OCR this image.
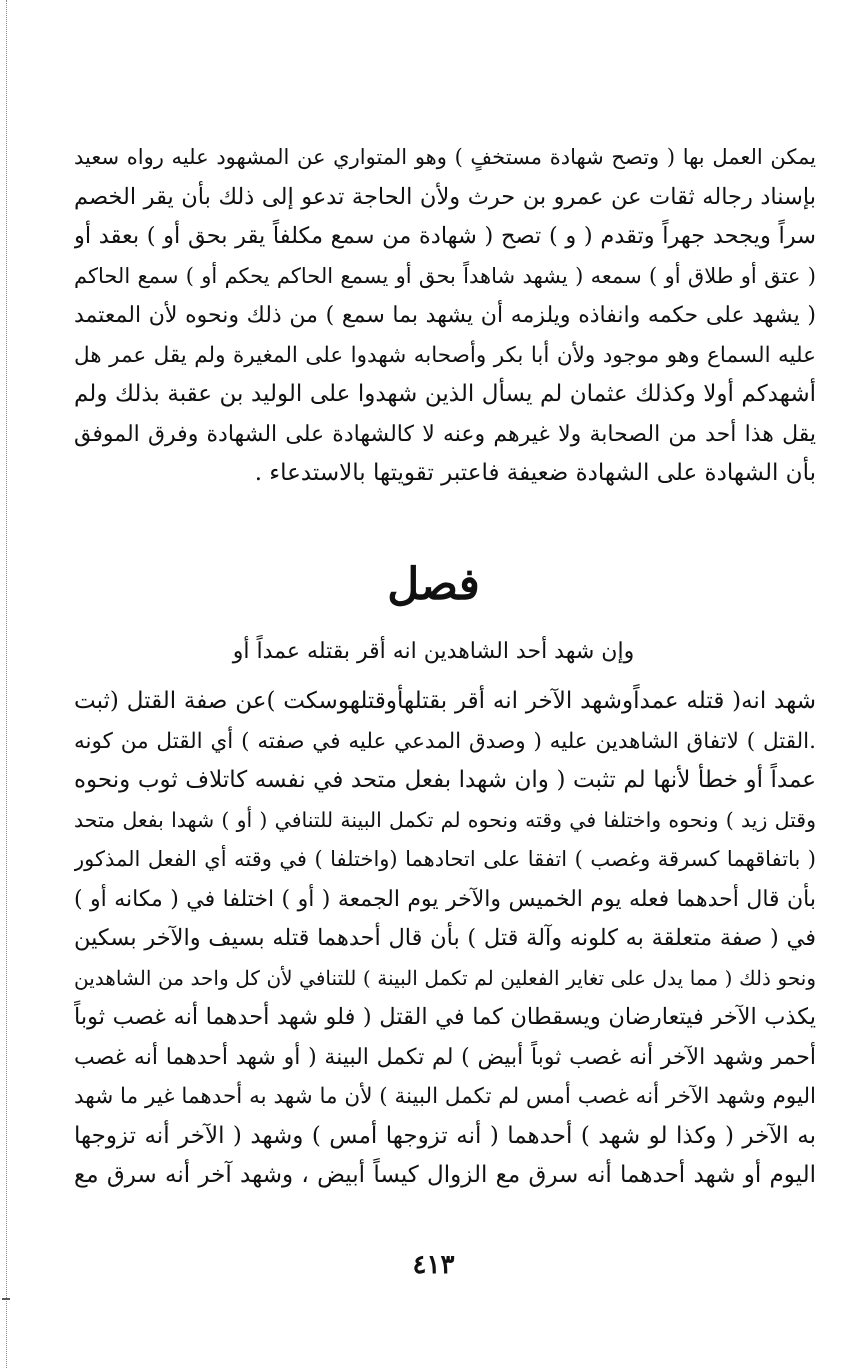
يمكن العمل بها ( وتصح شهادة مستخفٍ ) وهو المتواري عن المشهود عليه رواه سعيد
بإسناد رجاله ثقات عن عمرو بن حرث ولأن الحاجة تدعو إلى ذلك بأن يقر الخصم
سراً ويجحد جهراً وتقدم ( و ) تصح ( شهادة من سمع مكلفاً يقر بحق أو ) بعقد أو
( عتق أو طلاق أو ) سمعه ( يشهد شاهداً بحق أو يسمع الحاكم يحكم أو ) سمع الحاكم
( يشهد على حكمه وانفاذه ويلزمه أن يشهد بما سمع ) من ذلك ونحوه لأن المعتمد
عليه السماع وهو موجود ولأن أبا بكر وأصحابه شهدوا على المغيرة ولم يقل عمر هل
أشهدكم أولا وكذلك عثمان لم يسأل الذين شهدوا على الوليد بن عقبة بذلك ولم
يقل هذا أحد من الصحابة ولا غيرهم وعنه لا كالشهادة على الشهادة وفرق الموفق
بأن الشهادة على الشهادة ضعيفة فاعتبر تقويتها بالاستدعاء .
فصل
وإن شهد أحد الشاهدين انه أقر بقتله عمداً أو
شهد انه( قتله عمداًوشهد الآخر انه أقر بقتلهأوقتلهوسكت )عن صفة القتل (ثبت
.القتل ) لاتفاق الشاهدين عليه ( وصدق المدعي عليه في صفته ) أي القتل من كونه
عمداً أو خطأ لأنها لم تثبت ( وان شهدا بفعل متحد في نفسه كاتلاف ثوب ونحوه
وقتل زيد ) ونحوه واختلفا في وقته ونحوه لم تكمل البينة للتنافي ( أو ) شهدا بفعل متحد
( باتفاقهما كسرقة وغصب ) اتفقا على اتحادهما (واختلفا ) في وقته أي الفعل المذكور
بأن قال أحدهما فعله يوم الخميس والآخر يوم الجمعة ( أو ) اختلفا في ( مكانه أو )
في ( صفة متعلقة به كلونه وآلة قتل ) بأن قال أحدهما قتله بسيف والآخر بسكين
ونحو ذلك ( مما يدل على تغاير الفعلين لم تكمل البينة ) للتنافي لأن كل واحد من الشاهدين
يكذب الآخر فيتعارضان ويسقطان كما في القتل ( فلو شهد أحدهما أنه غصب ثوباً
أحمر وشهد الآخر أنه غصب ثوباً أبيض ) لم تكمل البينة ( أو شهد أحدهما أنه غصب
اليوم وشهد الآخر أنه غصب أمس لم تكمل البينة ) لأن ما شهد به أحدهما غير ما شهد
به الآخر ( وكذا لو شهد ) أحدهما ( أنه تزوجها أمس ) وشهد ( الآخر أنه تزوجها
اليوم أو شهد أحدهما أنه سرق مع الزوال كيساً أبيض ، وشهد آخر أنه سرق مع
٤١٣
